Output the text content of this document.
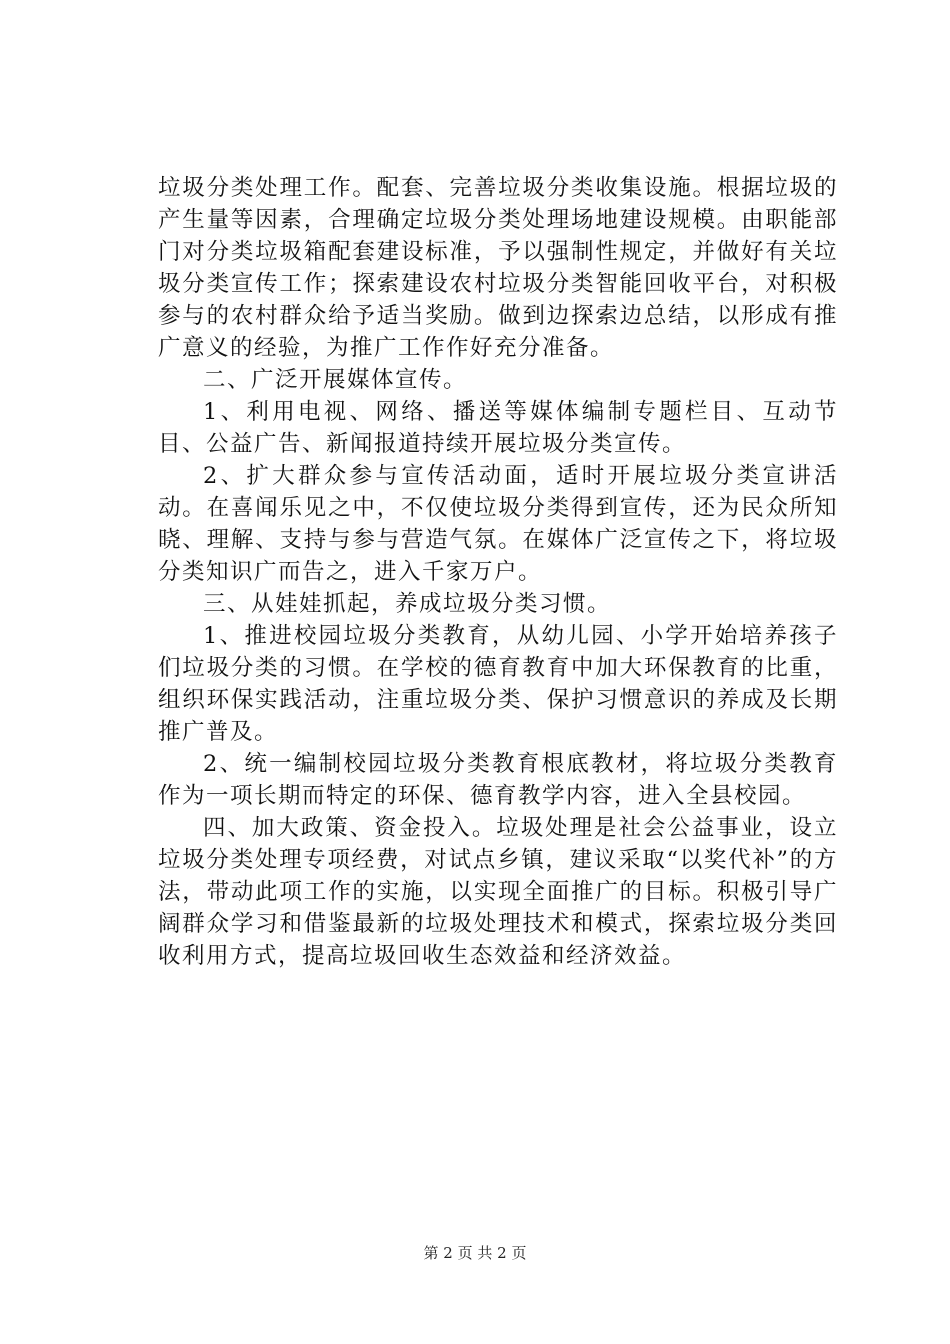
垃圾分类处理工作。配套、完善垃圾分类收集设施。根据垃圾的产生量等因素，合理确定垃圾分类处理场地建设规模。由职能部门对分类垃圾箱配套建设标准，予以强制性规定，并做好有关垃圾分类宣传工作；探索建设农村垃圾分类智能回收平台，对积极参与的农村群众给予适当奖励。做到边探索边总结，以形成有推广意义的经验，为推广工作作好充分准备。

二、广泛开展媒体宣传。

1、利用电视、网络、播送等媒体编制专题栏目、互动节目、公益广告、新闻报道持续开展垃圾分类宣传。

2、扩大群众参与宣传活动面，适时开展垃圾分类宣讲活动。在喜闻乐见之中，不仅使垃圾分类得到宣传，还为民众所知晓、理解、支持与参与营造气氛。在媒体广泛宣传之下，将垃圾分类知识广而告之，进入千家万户。

三、从娃娃抓起，养成垃圾分类习惯。

1、推进校园垃圾分类教育，从幼儿园、小学开始培养孩子们垃圾分类的习惯。在学校的德育教育中加大环保教育的比重，组织环保实践活动，注重垃圾分类、保护习惯意识的养成及长期推广普及。

2、统一编制校园垃圾分类教育根底教材，将垃圾分类教育作为一项长期而特定的环保、德育教学内容，进入全县校园。

四、加大政策、资金投入。垃圾处理是社会公益事业，设立垃圾分类处理专项经费，对试点乡镇，建议采取“以奖代补”的方法，带动此项工作的实施，以实现全面推广的目标。积极引导广阔群众学习和借鉴最新的垃圾处理技术和模式，探索垃圾分类回收利用方式，提高垃圾回收生态效益和经济效益。

第 2 页 共 2 页
